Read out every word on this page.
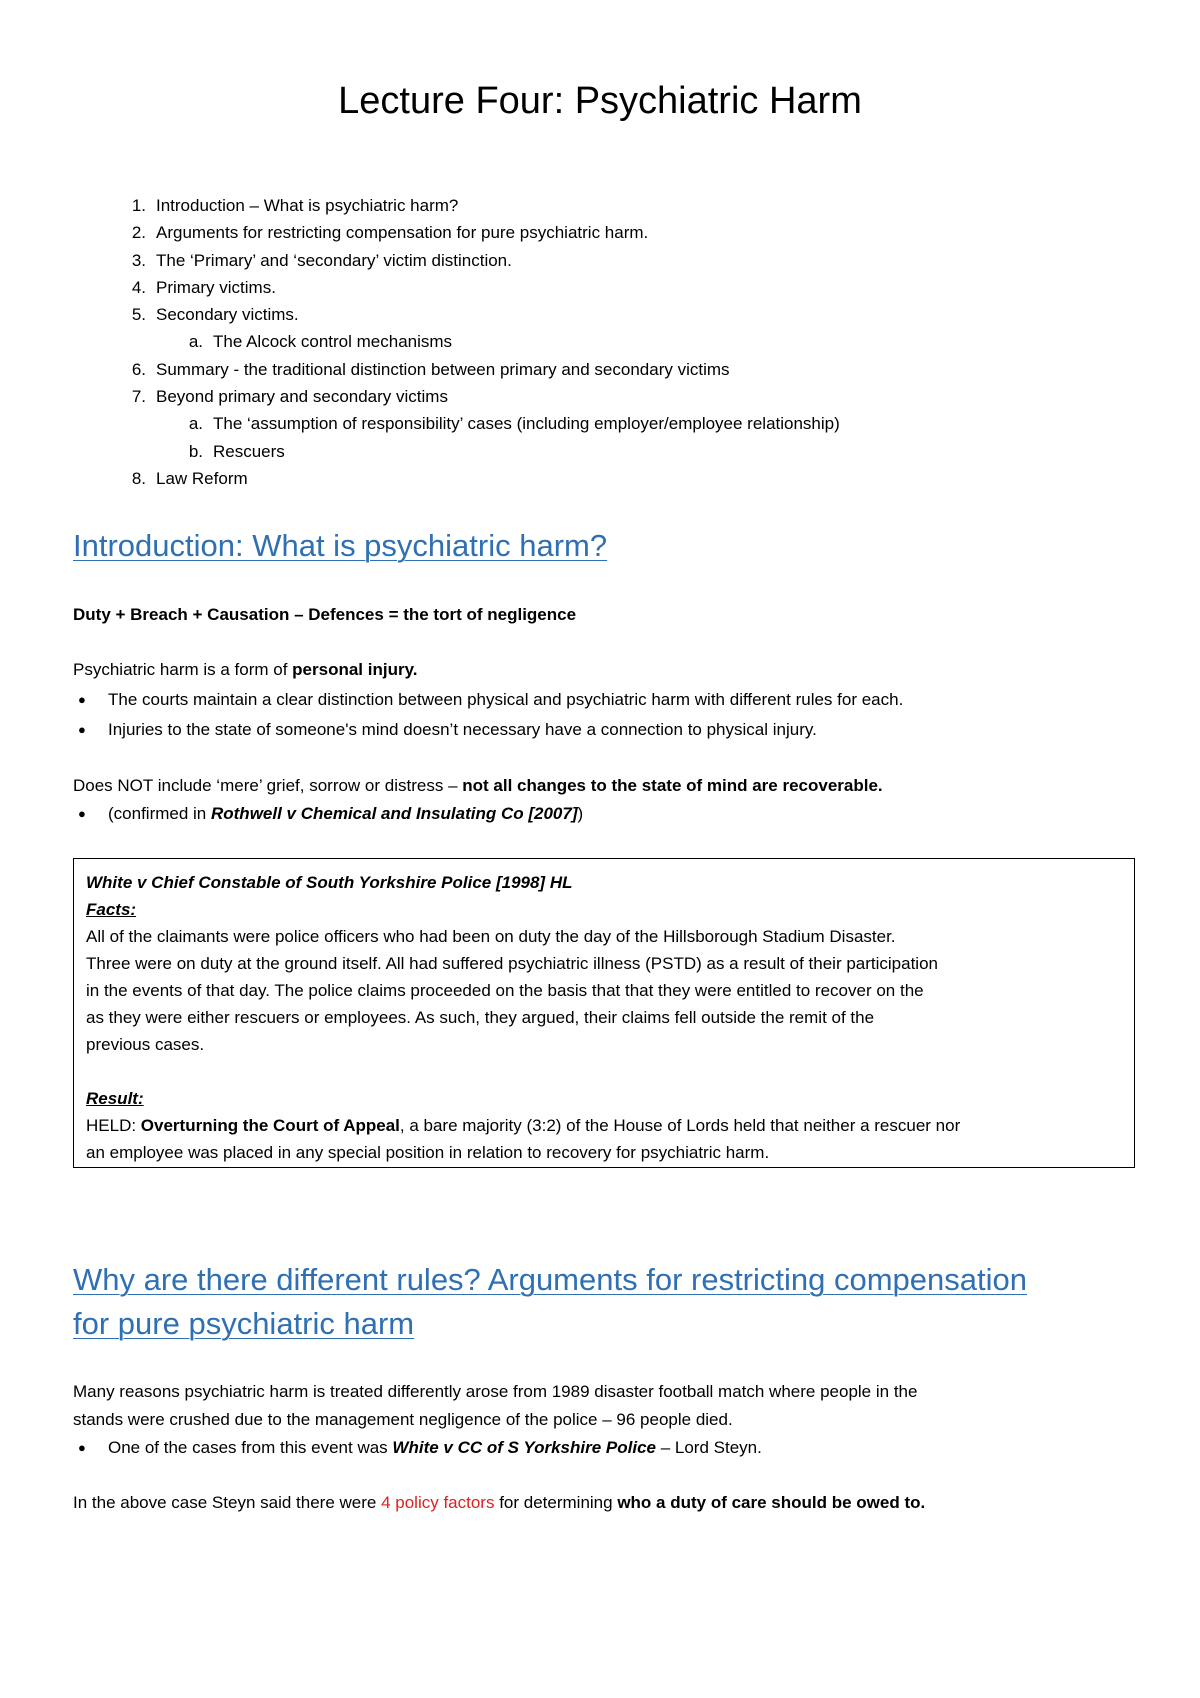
Lecture Four: Psychiatric Harm
1. Introduction – What is psychiatric harm?
2. Arguments for restricting compensation for pure psychiatric harm.
3. The ‘Primary’ and ‘secondary’ victim distinction.
4. Primary victims.
5. Secondary victims.
a. The Alcock control mechanisms
6. Summary - the traditional distinction between primary and secondary victims
7. Beyond primary and secondary victims
a. The ‘assumption of responsibility’ cases (including employer/employee relationship)
b. Rescuers
8. Law Reform
Introduction: What is psychiatric harm?

Duty + Breach + Causation – Defences = the tort of negligence

Psychiatric harm is a form of personal injury.

● The courts maintain a clear distinction between physical and psychiatric harm with different rules for each.

● Injuries to the state of someone's mind doesn’t necessary have a connection to physical injury.

Does NOT include ‘mere’ grief, sorrow or distress – not all changes to the state of mind are recoverable.

● (confirmed in Rothwell v Chemical and Insulating Co [2007])

White v Chief Constable of South Yorkshire Police [1998] HL

Facts:

All of the claimants were police officers who had been on duty the day of the Hillsborough Stadium Disaster.

Three were on duty at the ground itself. All had suffered psychiatric illness (PSTD) as a result of their participation

in the events of that day. The police claims proceeded on the basis that that they were entitled to recover on the

as they were either rescuers or employees. As such, they argued, their claims fell outside the remit of the

previous cases.

Result:

HELD: Overturning the Court of Appeal, a bare majority (3:2) of the House of Lords held that neither a rescuer nor

an employee was placed in any special position in relation to recovery for psychiatric harm.

Why are there different rules? Arguments for restricting compensation
for pure psychiatric harm

Many reasons psychiatric harm is treated differently arose from 1989 disaster football match where people in the

stands were crushed due to the management negligence of the police – 96 people died.

● One of the cases from this event was White v CC of S Yorkshire Police – Lord Steyn.

In the above case Steyn said there were 4 policy factors for determining who a duty of care should be owed to.
